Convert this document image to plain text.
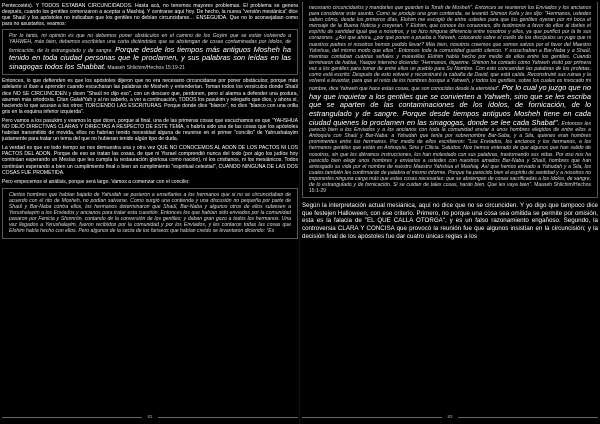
Pentecostés). Y TODOS ESTABAN CIRCUNCIDADOS. Hasta acá, no tenemos mayores problemas. El problema se genera después, cuando los gentiles comenzaron a aceptar a Mashiaj. Y centrarse aquí hoy. De hecho, la nueva "versión mesiánica" dice que Shaúl y los apóstoles no indicaban que los gentiles no debían circuncidarse… ENSEGUIDA. Que no lo aconsejaban como para no asustarlos, veamos:

Por lo tanto, mi opinión es que no debemos poner obstáculos en el camino de los Goyim que se están volviendo a YAHWEH, más bien, debemos escribirles una carta diciéndoles que se abstengan de cosas contaminadas por ídolos, de fornicación, de lo estrangulado y de sangre. Porque desde los tiempos más antiguos Mosheh ha tenido en toda ciudad personas que le proclamen, y sus palabras son leídas en las sinagogas todos los Shabbat. Maaseh Shlichim/Hechos 15:19-21

Entonces, lo que defienden es que los apóstoles dijeron que no era necesario circuncidarse por poner obstáculos; porque más adelante sí iban a aprender cuando escucharan las palabras de Mosheh y entenderían. Toman todos los versículos donde Shaúl dice NO SE CIRCUNCIDEN y dicen "Shaúl no dijo eso", con un descaro que, perdonen, pero sí alarma a defender una postura, asumen más ortodoxia. Citan Galat/Yah y al no saberlo, a ver a continuación, TODOS los pasukim y relegarlo que dice, y ahora sí, haciendo lo que acusan a los otros: TORCIENDO LAS ESCRITURAS. Porque donde dice "blanco", no dice "blanco con una orilla gris en la esquina inferior izquierda".

Pero vamos a los pasukim y veamos lo que dicen, porque al final, una de las primeras cosas que escuchamos es que "YAHSHUA NO DEJÓ DIRECTIVAS CLARAS Y DIRECTAS A RESPECTO DE ESTE TEMA, o habría sido una de las cosas que los apóstoles habrían transmitido de movida, ellos no habrían tenido necesidad alguna de reunirse en el primer "concilio" de Yahrushalayim justamente para tratar un tema del que no hubieran tenido algún tipo de duda.

La verdad es que en todo tiempo se nos demuestra una y otra vez QUE NO CONOCEMOS AL ADON DE LOS PACTOS NI LOS PACTOS DEL ADON. Porque de eso se tratan las cosas, de que ni Yisrael comprendió nunca del todo (por algo los judíos hoy continúan esperando un Mesías que les cumpla la restauración gloriosa como nación), ni los cristianos, ni los mesiánicos. Todos continúan esperando a bien un cumplimiento final o bien un cumplimiento "espiritual celestial", CUANDO NINGUNA DE LAS DOS COSAS FUE PROMETIDA.

Pero empecemos el análisis, porque será largo. Vamos a comenzar con el concilio:

Ciertos hombres que habían bajado de Yahudah se pusieron a enseñarles a los hermanos que si no se circuncidaban de acuerdo con el rito de Mosheh, no podían salvarse. Como surgió una contienda y una discusión no pequeña por parte de Shaúl y Bar-Naba contra ellos, los hermanos determinaron que Shaúl, Bar-Naba y algunos otros de ellos subiesen a Yerushalayim a los Enviados y ancianos para tratar esta cuestión. Entonces los que habían sido enviados por la comunidad pasaron por Fenicia y Shomrón, contando de la conversión de los gentiles; y daban gran gozo a todos los hermanos. Una vez llegados a Yerushalayim, fueron recibidos por la comunidad y por los Enviados, y les contaron todas las cosas que Elohim había hecho con ellos. Pero algunos de la secta de los fariseos que habían creído se levantaron diciendo: "Es

82

necesario circuncidarlos y mandarles que guarden la Torah de Mosheh". Entonces se reunieron los Enviados y los ancianos para considerar este asunto. Como se produjo una gran contienda, se levantó Shimon Kefa y les dijo: "Hermanos, ustedes saben cómo, desde los primeros días, Elohim me escogió de entre ustedes para que los gentiles oyeran por mi boca el mensaje de la Buena Noticia y creyeran. Y Elohim, que conoce los corazones, dio testimonio a favor de ellos al darles el espíritu de santidad igual que a nosotros, y no hizo ninguna diferencia entre nosotros y ellos, ya que purificó por la fe sus corazones. ¿Así que ahora, ¿por qué ponen a prueba a Yahweh, colocando sobre el cuello de los discípulos un yugo que ni nuestros padres ni nosotros hemos podido llevar? Más bien, nosotros creemos que somos salvos por el favor del Maestro Yahshua, del mismo modo que ellos". Entonces toda la comunidad guardó silencio. Y escuchaban a Bar-Naba y a Shaúl, mientras contaban cuántas señales y maravillas Elohim había hecho por medio de ellos entre los gentiles. Cuando terminaron de hablar, Yaaqov intervino diciendo: "Hermanos, óiganme. Shimon ha contado cómo Yahweh visitó por primera vez a los gentiles para tomar de entre ellos un pueblo para Su Nombre. Con esto concuerdan las palabras de los profetas, como está escrito: Después de esto volveré y reconstruiré la cabaña de David, que está caída. Reconstruiré sus ruinas y la volveré a levantar, para que el resto de los hombres busque a Yahweh, y todos los gentiles, sobre los cuales es invocado mi nombre, dice Yahweh que hace estas cosas, que son conocidas desde la eternidad". Por lo cual yo juzgo que no hay que inquietar a los gentiles que se convierten a Yahweh, sino que se les escriba que se aparten de las contaminaciones de los ídolos, de fornicación, de lo estrangulado y de sangre. Porque desde tiempos antiguos Mosheh tiene en cada ciudad quienes lo proclamen en las sinagogas, donde se lee cada Shabat". Entonces les pareció bien a los Enviados y a los ancianos con toda la comunidad enviar a unos hombres elegidos de entre ellos a Antioquía con Shaúl y Bar-Naba: a Yahudah que tenía por sobrenombre Bar-Saba, y a Sila, quienes eran hombres prominentes entre los hermanos. Por medio de ellos escribieron: "Los Enviados, los ancianos y los hermanos, a los hermanos gentiles que están en Antioquía, Siria y Cilicia. Saludos. Nos hemos enterado de que algunos que han salido de nosotros, sin que les diéramos instrucciones, los han molestado con sus palabras, trastornando sus vidas. Por eso nos ha parecido bien elegir unos hombres y enviarlos a ustedes con nuestros amados Bar-Naba y Shaúl, hombres que han arriesgado su vida por el nombre de nuestro Maestro Yahshua el Mashiaj. Así que hemos enviado a Yahudah y a Sila, los cuales también les confirmarán de palabra el mismo informe. Porque ha parecido bien al espíritu de santidad y a nosotros no imponerles ninguna carga más que estas cosas necesarias: que se abstengan de cosas sacrificadas a los ídolos, de sangre, de lo estrangulado y de fornicación. Si se cuidan de tales cosas, harán bien. Que les vaya bien". Maaseh Shlichim/Hechos 15:1-29

Según la interpretación actual mesiánica, aquí no dice que no se circunciden. Y yo digo que tampoco dice que festejen Halloween, con ese criterio. Primero, no porque una cosa sea omitida se permite por omisión, esta es la falacia de "EL QUE CALLA OTORGA", y es un falso razonamiento engañoso. Segundo, la controversia CLARA Y CONCISA que provocó la reunión fue que algunos insistían en la circuncisión; y la decisión final de los apóstoles fue dar cuatro únicas reglas a los

83
